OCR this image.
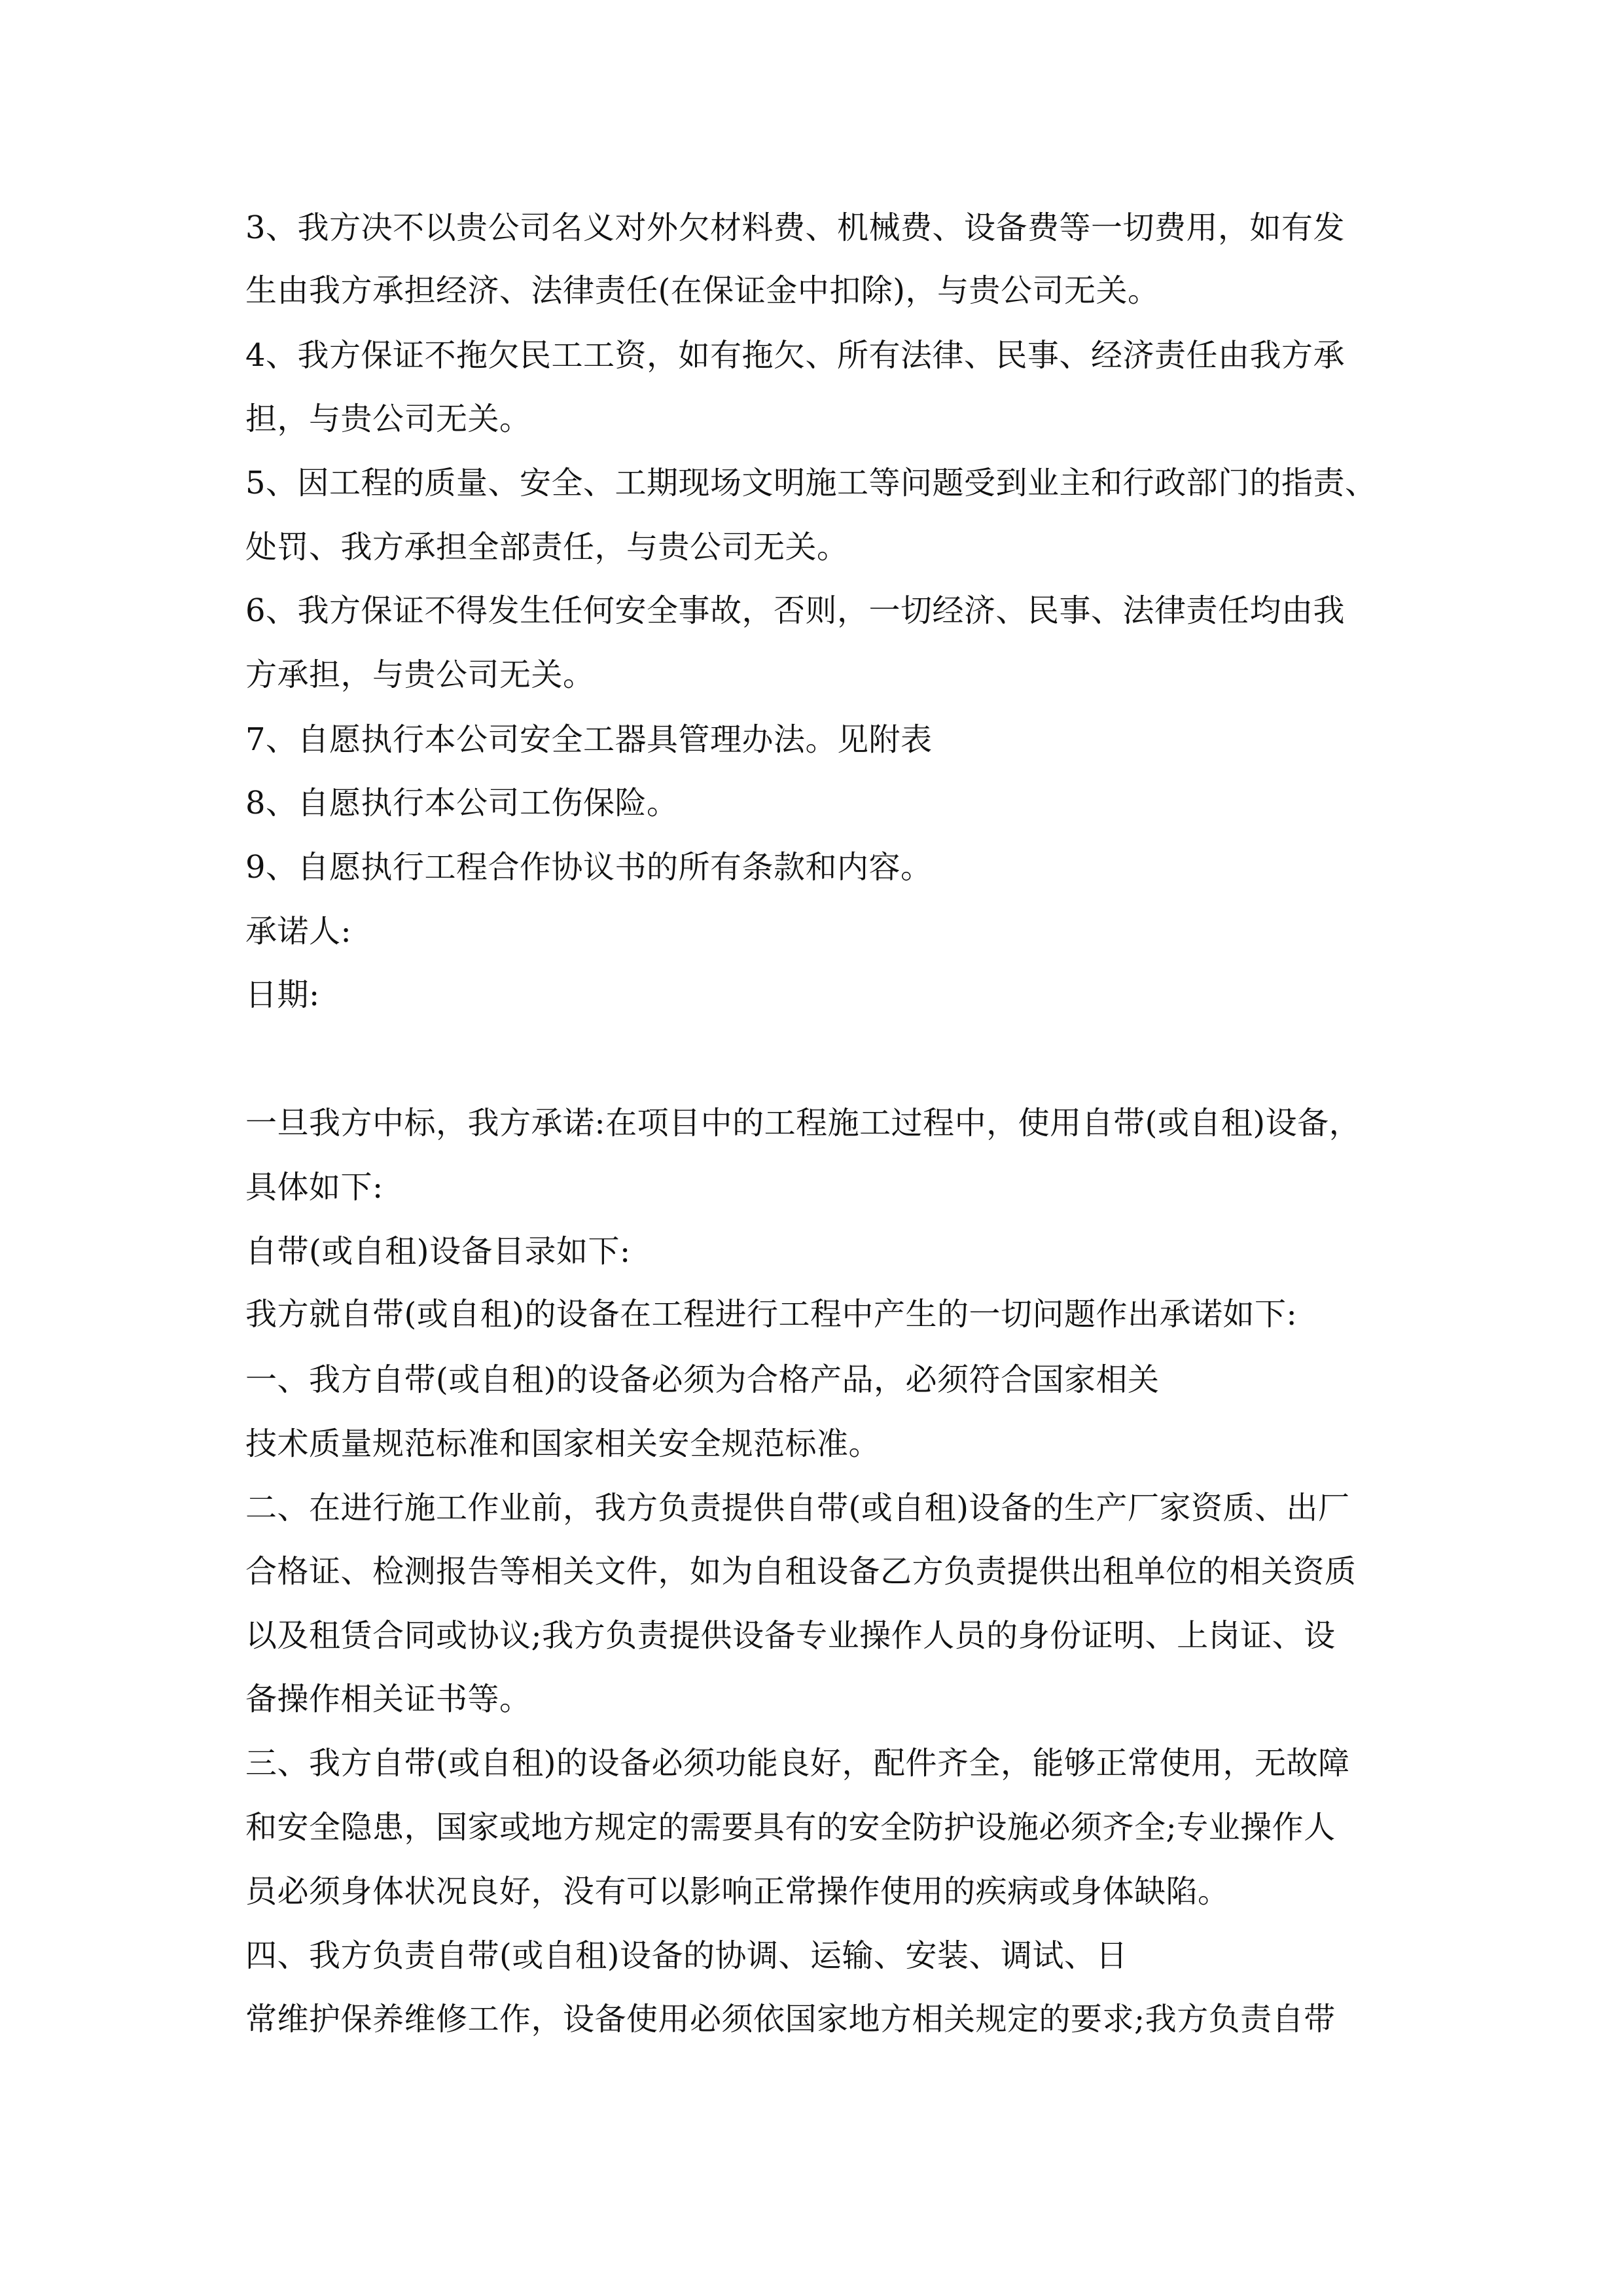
3、我方决不以贵公司名义对外欠材料费、机械费、设备费等一切费用，如有发
生由我方承担经济、法律责任(在保证金中扣除)，与贵公司无关。
4、我方保证不拖欠民工工资，如有拖欠、所有法律、民事、经济责任由我方承
担，与贵公司无关。
5、因工程的质量、安全、工期现场文明施工等问题受到业主和行政部门的指责、
处罚、我方承担全部责任，与贵公司无关。
6、我方保证不得发生任何安全事故，否则，一切经济、民事、法律责任均由我
方承担，与贵公司无关。
7、自愿执行本公司安全工器具管理办法。见附表
8、自愿执行本公司工伤保险。
9、自愿执行工程合作协议书的所有条款和内容。
承诺人:
日期:
一旦我方中标，我方承诺:在项目中的工程施工过程中，使用自带(或自租)设备，
具体如下:
自带(或自租)设备目录如下:
我方就自带(或自租)的设备在工程进行工程中产生的一切问题作出承诺如下:
一、我方自带(或自租)的设备必须为合格产品，必须符合国家相关
技术质量规范标准和国家相关安全规范标准。
二、在进行施工作业前，我方负责提供自带(或自租)设备的生产厂家资质、出厂
合格证、检测报告等相关文件，如为自租设备乙方负责提供出租单位的相关资质
以及租赁合同或协议;我方负责提供设备专业操作人员的身份证明、上岗证、设
备操作相关证书等。
三、我方自带(或自租)的设备必须功能良好，配件齐全，能够正常使用，无故障
和安全隐患，国家或地方规定的需要具有的安全防护设施必须齐全;专业操作人
员必须身体状况良好，没有可以影响正常操作使用的疾病或身体缺陷。
四、我方负责自带(或自租)设备的协调、运输、安装、调试、日
常维护保养维修工作，设备使用必须依国家地方相关规定的要求;我方负责自带
